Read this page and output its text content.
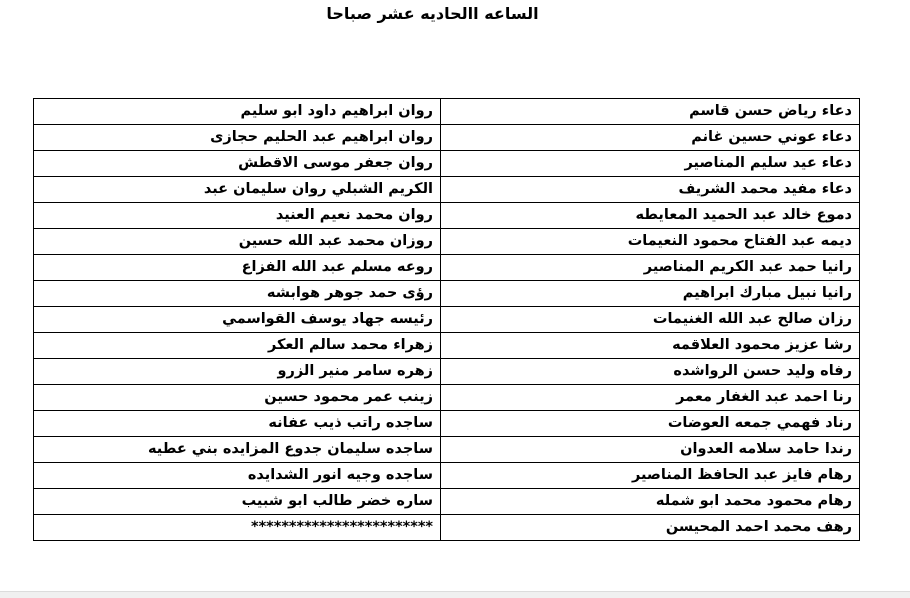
الساعه االحاديه عشر صباحا
دعاء رياض حسن قاسم	روان ابراهيم داود ابو سليم
دعاء عوني حسين غانم	روان ابراهيم عبد الحليم حجازى
دعاء عيد سليم المناصير	روان جعفر موسى الاقطش
دعاء مفيد محمد الشريف	الكريم الشبلي روان سليمان عبد
دموع خالد عبد الحميد المعايطه	روان محمد نعيم العنيد
ديمه عبد الفتاح محمود النعيمات	روزان محمد عبد الله حسين
رانيا حمد عبد الكريم المناصير	روعه مسلم عبد الله الفزاع
رانيا نبيل مبارك ابراهيم	رؤى حمد جوهر هوابشه
رزان صالح عبد الله الغنيمات	رئيسه جهاد يوسف القواسمي
رشا عزيز محمود العلاقمه	زهراء محمد سالم العكر
رفاه وليد حسن الرواشده	زهره سامر منير الزرو
رنا احمد عبد الغفار معمر	زينب عمر محمود حسين
رناد فهمي جمعه العوضات	ساجده راتب ذيب عفانه
رندا حامد سلامه العدوان	ساجده سليمان جدوع المزايده بني عطيه
رهام فايز عبد الحافظ المناصير	ساجده وجيه انور الشدايده
رهام محمود محمد ابو شمله	ساره خضر طالب ابو شبيب
رهف محمد احمد المحيسن	************************
